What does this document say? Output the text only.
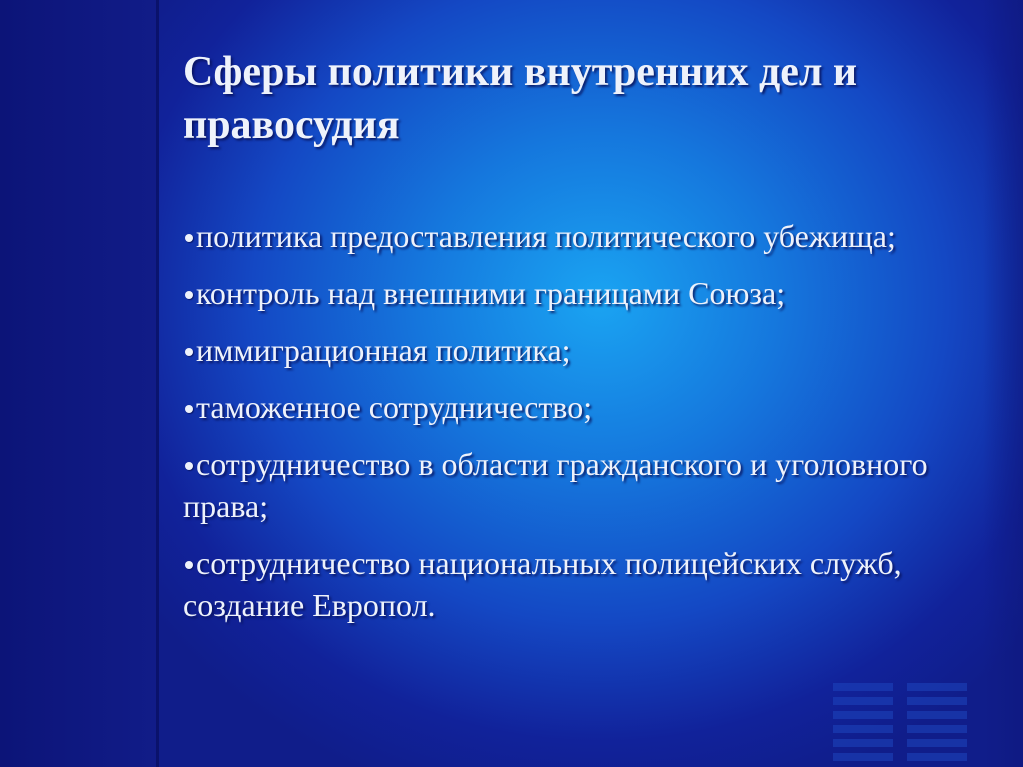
Сферы политики внутренних дел и правосудия
политика предоставления политического убежища;
контроль над внешними границами Союза;
иммиграционная политика;
таможенное сотрудничество;
сотрудничество в области гражданского и уголовного права;
сотрудничество национальных полицейских служб, создание Европол.
